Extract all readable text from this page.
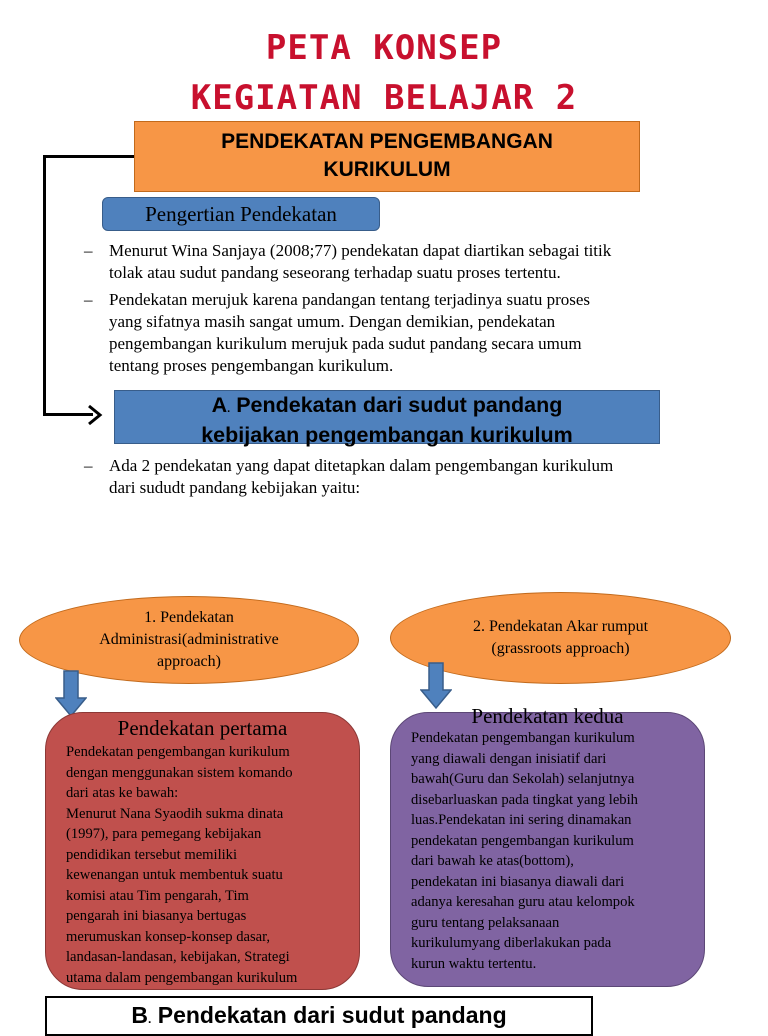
PETA KONSEP
KEGIATAN BELAJAR 2
PENDEKATAN PENGEMBANGAN
KURIKULUM
Pengertian Pendekatan
– Menurut Wina Sanjaya (2008;77) pendekatan dapat diartikan sebagai titik
tolak atau sudut pandang seseorang terhadap suatu proses tertentu.
– Pendekatan merujuk karena pandangan tentang terjadinya suatu proses
yang sifatnya masih sangat umum. Dengan demikian, pendekatan
pengembangan kurikulum merujuk pada sudut pandang secara umum
tentang proses pengembangan kurikulum.
A. Pendekatan dari sudut pandang
kebijakan pengembangan kurikulum
– Ada 2 pendekatan yang dapat ditetapkan dalam pengembangan kurikulum
dari sududt pandang kebijakan yaitu:
1. Pendekatan
Administrasi(administrative
approach)
2. Pendekatan Akar rumput
(grassroots approach)
Pendekatan pertama
Pendekatan pengembangan kurikulum
dengan menggunakan sistem komando
dari atas ke bawah:
Menurut Nana Syaodih sukma dinata
(1997), para pemegang kebijakan
pendidikan tersebut memiliki
kewenangan untuk membentuk suatu
komisi atau Tim pengarah, Tim
pengarah ini biasanya bertugas
merumuskan konsep-konsep dasar,
landasan-landasan, kebijakan, Strategi
utama dalam pengembangan kurikulum
Pendekatan kedua
Pendekatan pengembangan kurikulum
yang diawali dengan inisiatif dari
bawah(Guru dan Sekolah) selanjutnya
disebarluaskan pada tingkat yang lebih
luas.Pendekatan ini sering dinamakan
pendekatan pengembangan kurikulum
dari bawah ke atas(bottom),
pendekatan ini biasanya diawali dari
adanya keresahan guru atau kelompok
guru tentang pelaksanaan
kurikulumyang diberlakukan pada
kurun waktu tertentu.
B. Pendekatan dari sudut pandang
